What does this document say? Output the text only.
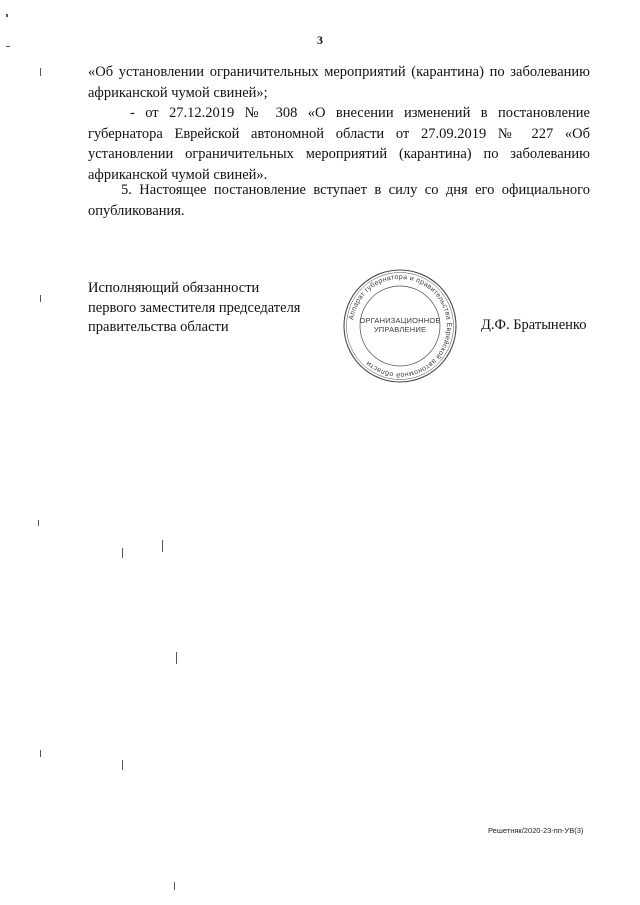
3

«Об установлении ограничительных мероприятий (карантина) по заболеванию африканской чумой свиней»;

- от 27.12.2019 № 308 «О внесении изменений в постановление губернатора Еврейской автономной области от 27.09.2019 № 227 «Об установлении ограничительных мероприятий (карантина) по заболеванию африканской чумой свиней».

5. Настоящее постановление вступает в силу со дня его официального опубликования.

Исполняющий обязанности
первого заместителя председателя
правительства области
Аппарат губернатора и правительства Еврейской автономной области
ОРГАНИЗАЦИОННОЕ
УПРАВЛЕНИЕ	Д.Ф. Братыненко
Решетняк/2020-23-пп-УВ(3)
